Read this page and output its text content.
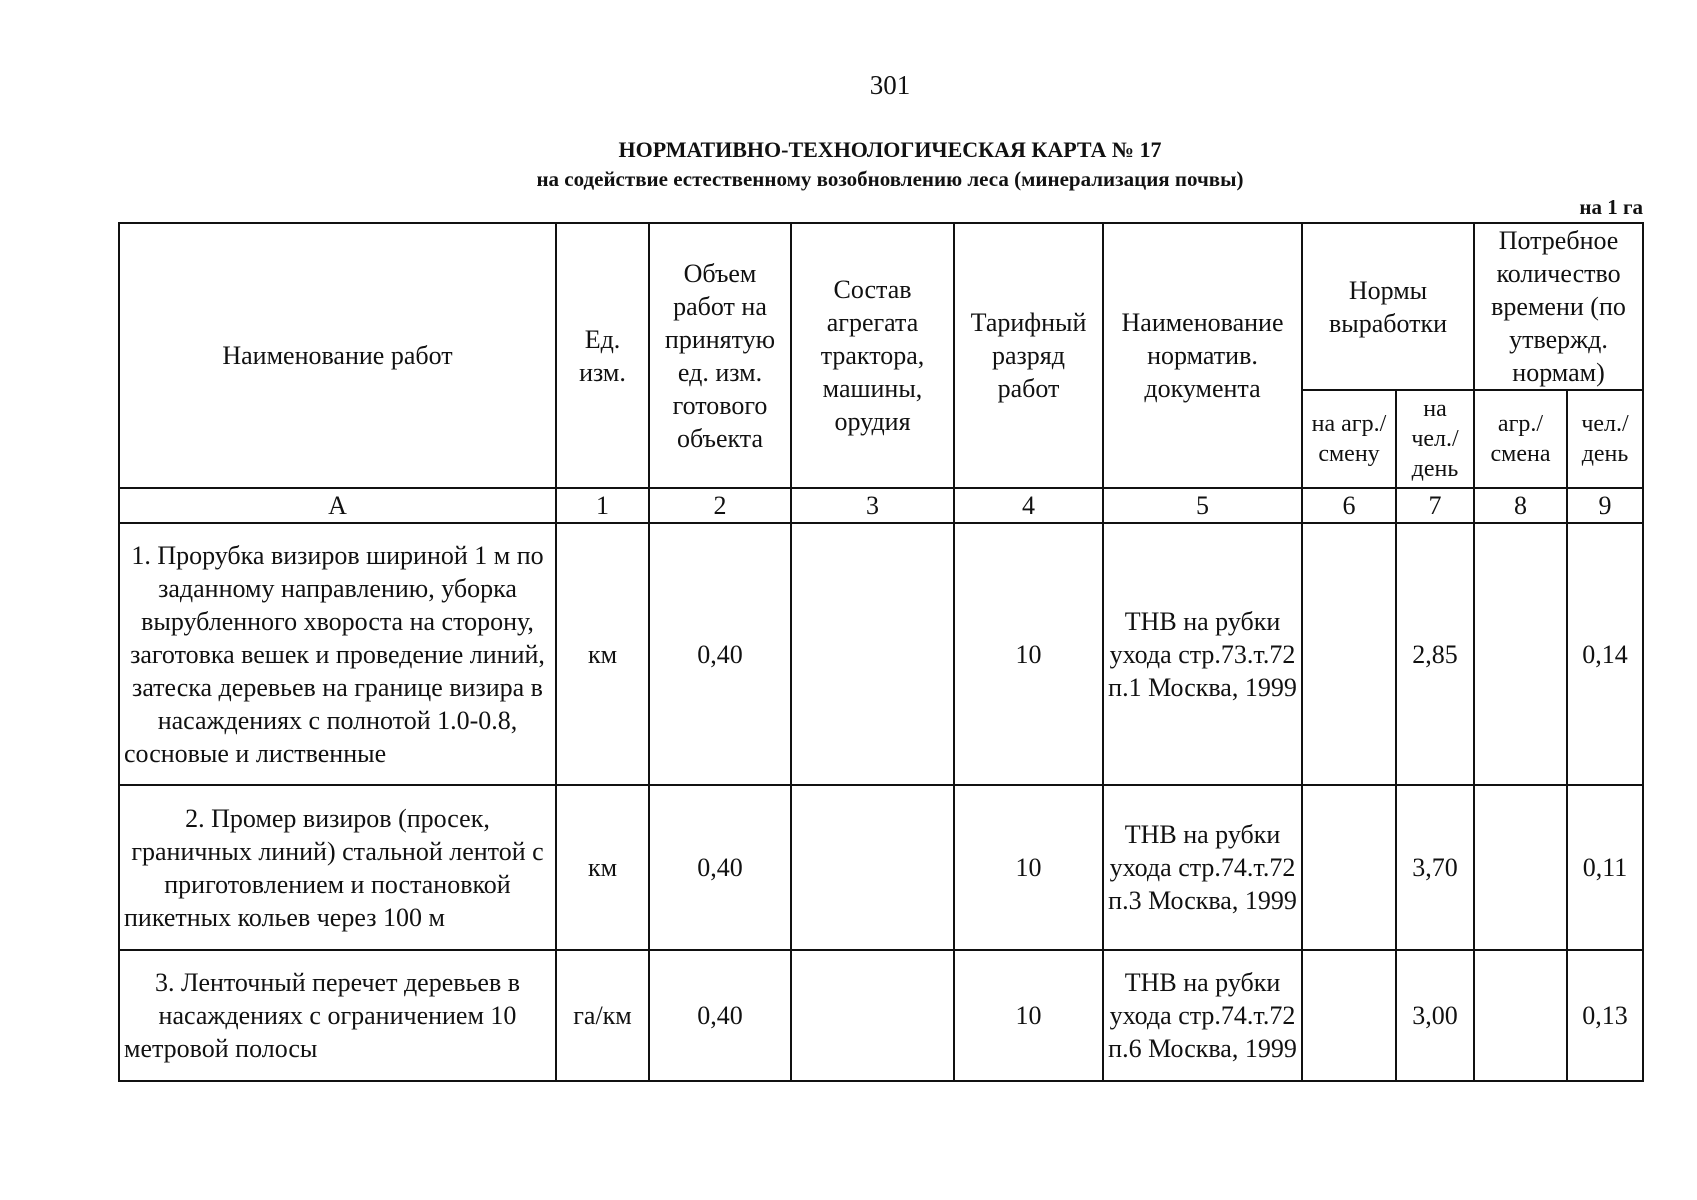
301
НОРМАТИВНО-ТЕХНОЛОГИЧЕСКАЯ КАРТА № 17
на содействие естественному возобновлению леса (минерализация почвы)
на 1 га
Наименование работ	Ед. изм.	Объем работ на принятую ед. изм. готового объекта	Состав агрегата трактора, машины, орудия	Тарифный разряд работ	Наименование норматив. документа	Нормы выработки		Потребное количество времени (по утвержд. нормам)	
						на агр./ смену	на чел./ день	агр./ смена	чел./ день
А	1	2	3	4	5	6	7	8	9
1. Прорубка визиров шириной 1 м по заданному направлению, уборка вырубленного хвороста на сторону, заготовка вешек и проведение линий, затеска деревьев на границе визира в насаждениях с полнотой 1.0-0.8, сосновые и лиственные	км	0,40		10	ТНВ на рубки ухода стр.73.т.72 п.1 Москва, 1999		2,85		0,14
2. Промер визиров (просек, граничных линий) стальной лентой с приготовлением и постановкой пикетных кольев через 100 м	км	0,40		10	ТНВ на рубки ухода стр.74.т.72 п.3 Москва, 1999		3,70		0,11
3. Ленточный перечет деревьев в насаждениях с ограничением 10 метровой полосы	га/км	0,40		10	ТНВ на рубки ухода стр.74.т.72 п.6 Москва, 1999		3,00		0,13
